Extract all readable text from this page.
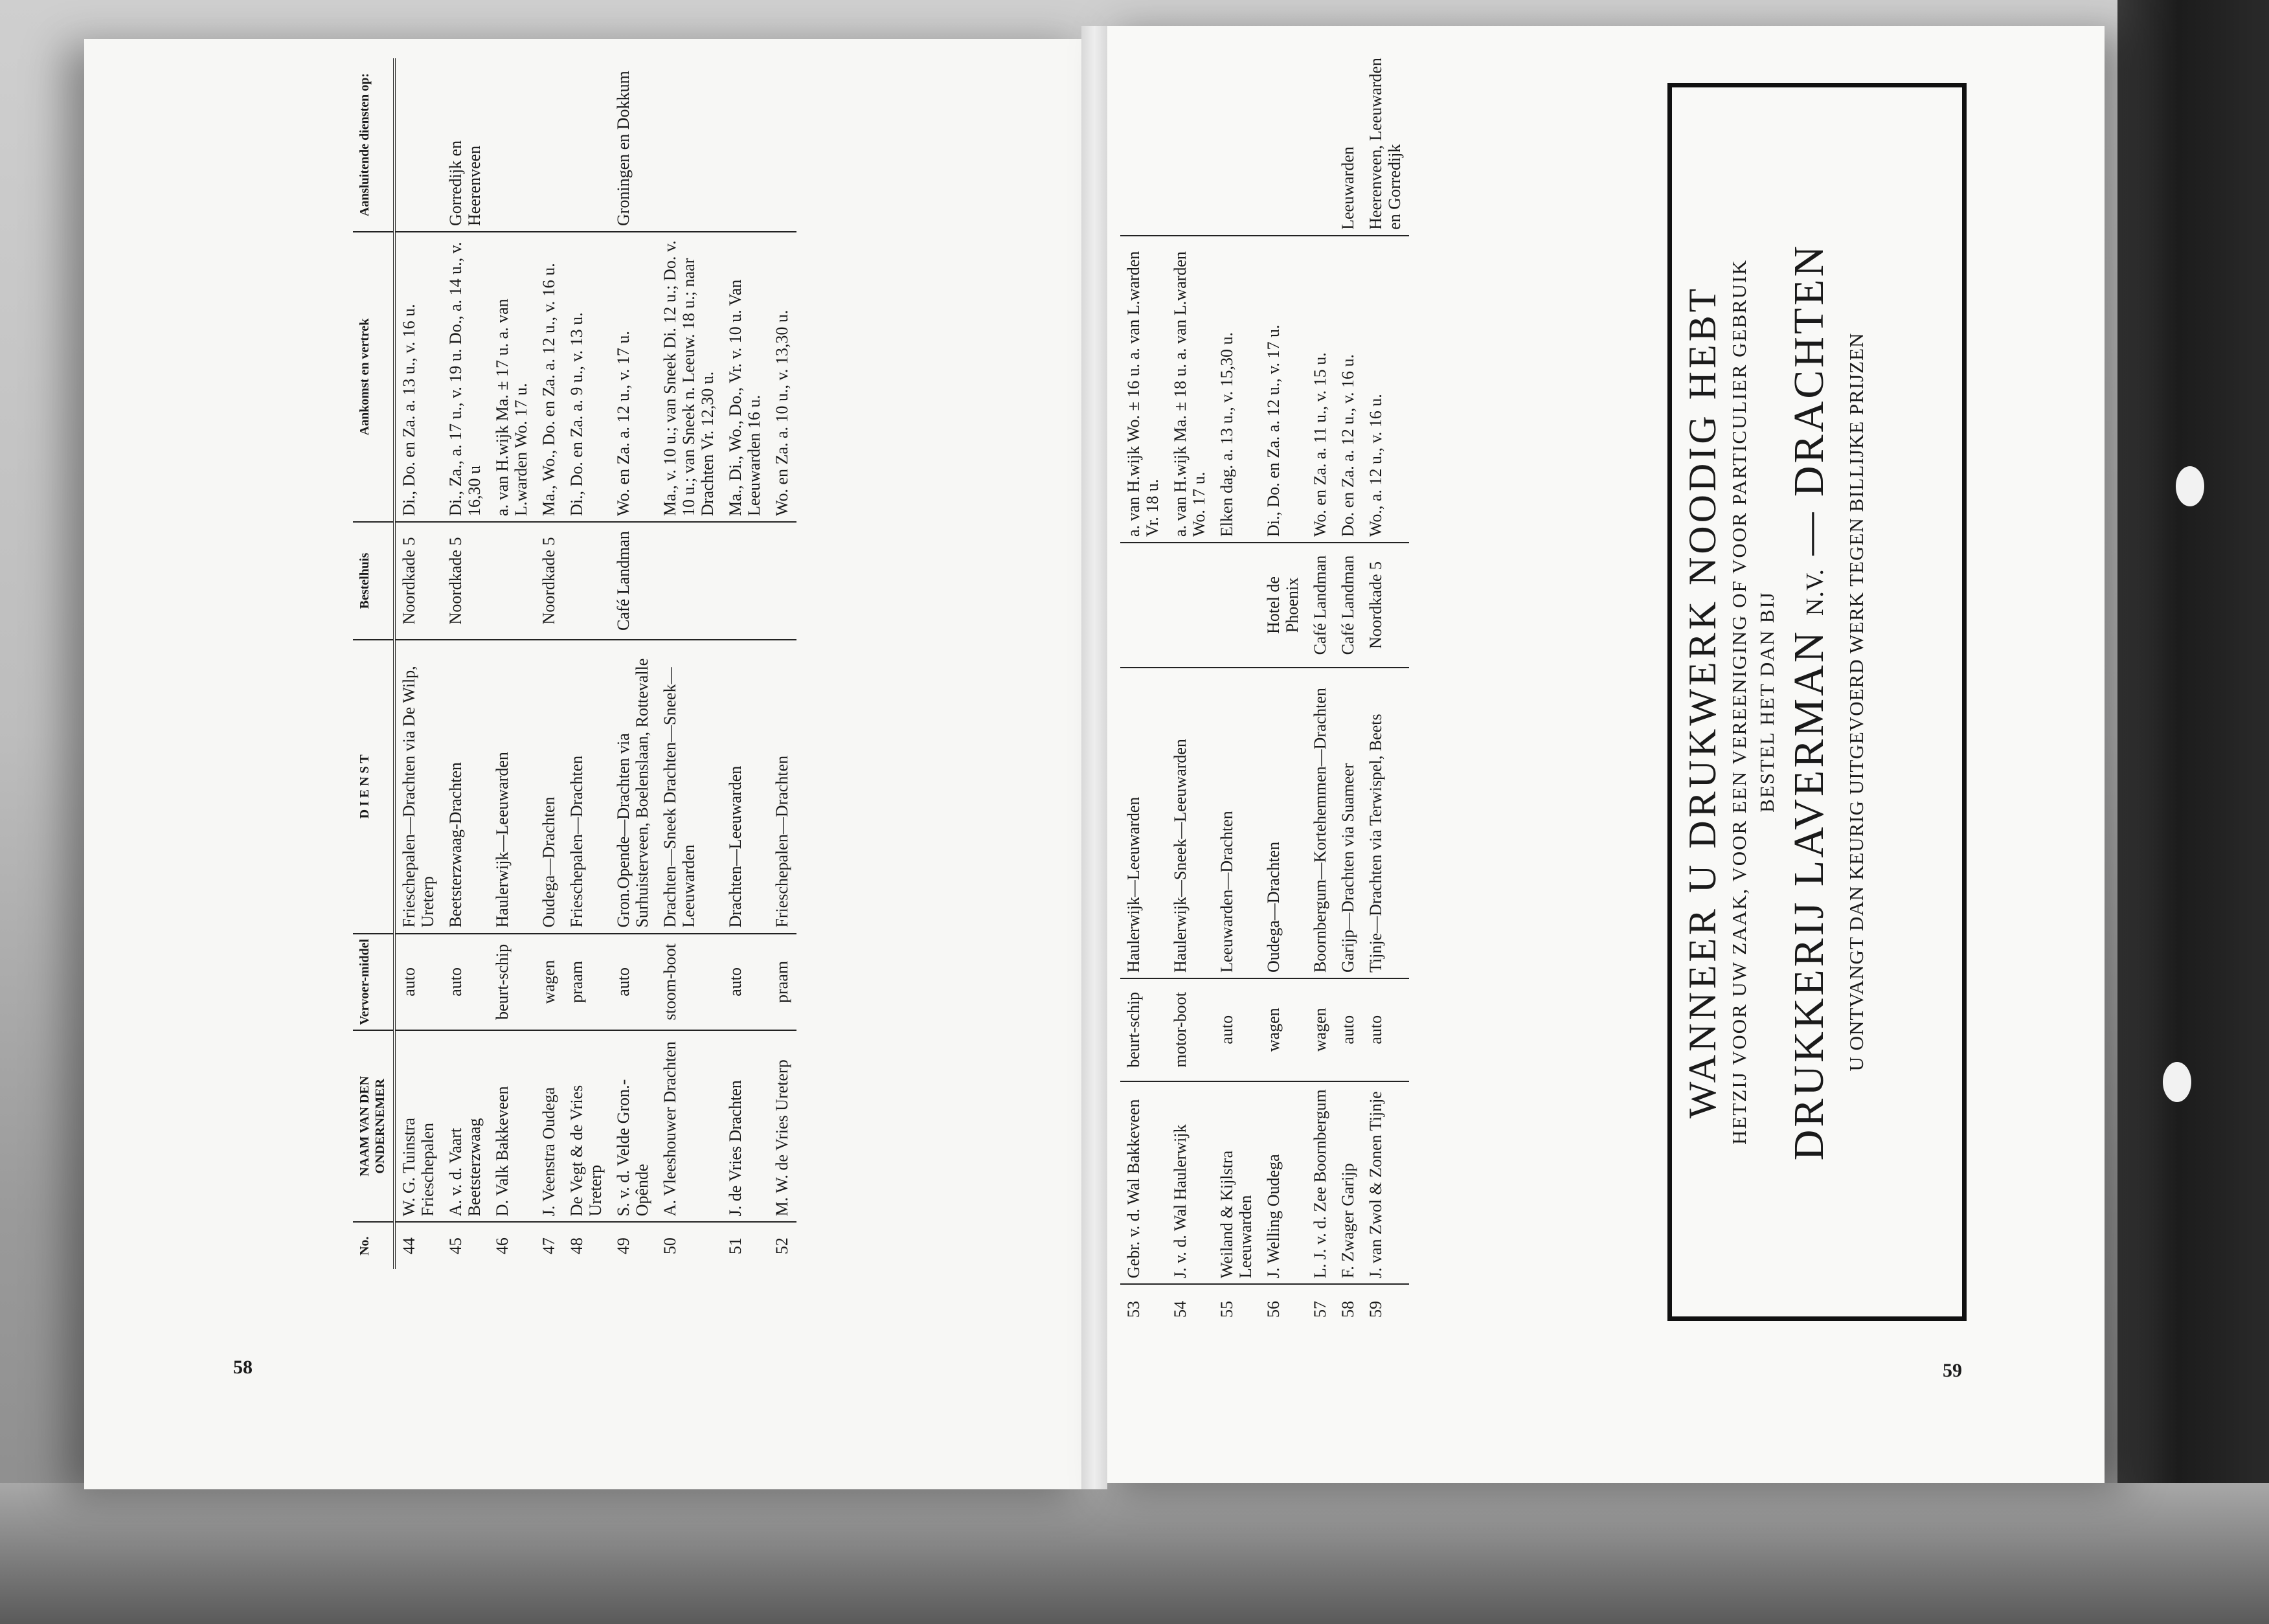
58	59
No.	NAAM VAN DEN ONDERNEMER	Vervoer-middel	D I E N S T	Bestelhuis	Aankomst en vertrek	Aansluitende diensten op:
44	W. G. Tuinstra Frieschepalen	auto	Frieschepalen—Drachten via De Wilp, Ureterp	Noordkade 5	Di., Do. en Za. a. 13 u., v. 16 u.	
45	A. v. d. Vaart Beetsterzwaag	auto	Beetsterzwaag-Drachten	Noordkade 5	Di., Za., a. 17 u., v. 19 u. Do., a. 14 u., v. 16,30 u	Gorredijk en Heerenveen
46	D. Valk Bakkeveen	beurt-schip	Haulerwijk—Leeuwarden		a. van H.wijk Ma. ± 17 u. a. van L.warden Wo. 17 u.	
47	J. Veenstra Oudega	wagen	Oudega—Drachten	Noordkade 5	Ma., Wo., Do. en Za. a. 12 u., v. 16 u.	
48	De Vegt & de Vries Ureterp	praam	Frieschepalen—Drachten		Di., Do. en Za. a. 9 u., v. 13 u.	
49	S. v. d. Velde Gron.-Opênde	auto	Gron.Opende—Drachten via Surhuisterveen, Boelenslaan, Rottevalle	Café Landman	Wo. en Za. a. 12 u., v. 17 u.	Groningen en Dokkum
50	A. Vleeshouwer Drachten	stoom-boot	Drachten—Sneek Drachten—Sneek—Leeuwarden		Ma., v. 10 u.; van Sneek Di. 12 u.; Do. v. 10 u.; van Sneek n. Leeuw. 18 u.; naar Drachten Vr. 12,30 u.	
51	J. de Vries Drachten	auto	Drachten—Leeuwarden		Ma., Di., Wo., Do., Vr. v. 10 u. Van Leeuwarden 16 u.	
52	M. W. de Vries Ureterp	praam	Frieschepalen—Drachten		Wo. en Za. a. 10 u., v. 13,30 u.	
53	Gebr. v. d. Wal Bakkeveen	beurt-schip	Haulerwijk—Leeuwarden		a. van H.wijk Wo. ± 16 u. a. van L.warden Vr. 18 u.	
54	J. v. d. Wal Haulerwijk	motor-boot	Haulerwijk—Sneek—Leeuwarden		a. van H.wijk Ma. ± 18 u. a. van L.warden Wo. 17 u.	
55	Weiland & Kijlstra Leeuwarden	auto	Leeuwarden—Drachten		Elken dag. a. 13 u., v. 15,30 u.	
56	J. Welling Oudega	wagen	Oudega—Drachten	Hotel de Phoenix	Di., Do. en Za. a. 12 u., v. 17 u.	
57	L. J. v. d. Zee Boornbergum	wagen	Boornbergum—Kortehemmen—Drachten	Café Landman	Wo. en Za. a. 11 u., v. 15 u.	
58	F. Zwager Garijp	auto	Garijp—Drachten via Suameer	Café Landman	Do. en Za. a. 12 u., v. 16 u.	Leeuwarden
59	J. van Zwol & Zonen Tijnje	auto	Tijnje—Drachten via Terwispel, Beets	Noordkade 5	Wo., a. 12 u., v. 16 u.	Heerenveen, Leeuwarden en Gorredijk
WANNEER U DRUKWERK NOODIG HEBT HETZIJ VOOR UW ZAAK, VOOR EEN VEREENIGING OF VOOR PARTICULIER GEBRUIK BESTEL HET DAN BIJ DRUKKERIJ LAVERMAN N.V. — DRACHTEN U ONTVANGT DAN KEURIG UITGEVOERD WERK TEGEN BILLIJKE PRIJZEN
